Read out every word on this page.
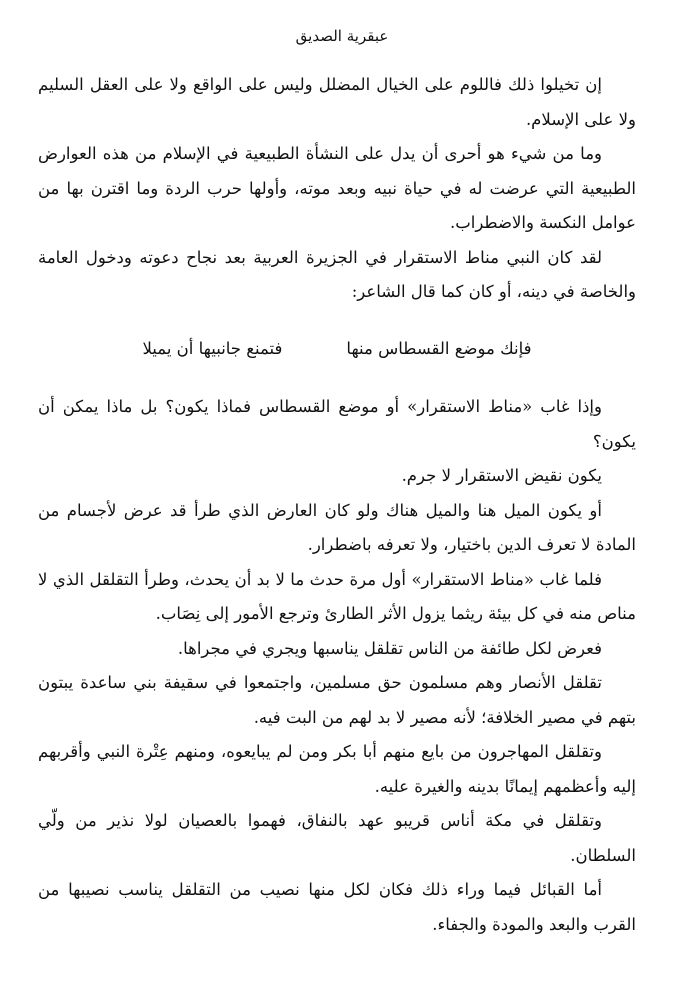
عبقرية الصديق

إن تخيلوا ذلك فاللوم على الخيال المضلل وليس على الواقع ولا على العقل السليم ولا على الإسلام.

وما من شيء هو أحرى أن يدل على النشأة الطبيعية في الإسلام من هذه العوارض الطبيعية التي عرضت له في حياة نبيه وبعد موته، وأولها حرب الردة وما اقترن بها من عوامل النكسة والاضطراب.

لقد كان النبي مناط الاستقرار في الجزيرة العربية بعد نجاح دعوته ودخول العامة والخاصة في دينه، أو كان كما قال الشاعر:

فإنك موضع القسطاس منها
فتمنع جانبيها أن يميلا

وإذا غاب «مناط الاستقرار» أو موضع القسطاس فماذا يكون؟ بل ماذا يمكن أن يكون؟

يكون نقيض الاستقرار لا جرم.

أو يكون الميل هنا والميل هناك ولو كان العارض الذي طرأ قد عرض لأجسام من المادة لا تعرف الدين باختيار، ولا تعرفه باضطرار.

فلما غاب «مناط الاستقرار» أول مرة حدث ما لا بد أن يحدث، وطرأ التقلقل الذي لا مناص منه في كل بيئة ريثما يزول الأثر الطارئ وترجع الأمور إلى نِصَاب.

فعرض لكل طائفة من الناس تقلقل يناسبها ويجري في مجراها.

تقلقل الأنصار وهم مسلمون حق مسلمين، واجتمعوا في سقيفة بني ساعدة يبتون بتهم في مصير الخلافة؛ لأنه مصير لا بد لهم من البت فيه.

وتقلقل المهاجرون من بايع منهم أبا بكر ومن لم يبايعوه، ومنهم عِتْرة النبي وأقربهم إليه وأعظمهم إيمانًا بدينه والغيرة عليه.

وتقلقل في مكة أناس قريبو عهد بالنفاق، فهموا بالعصيان لولا نذير من ولّي السلطان.

أما القبائل فيما وراء ذلك فكان لكل منها نصيب من التقلقل يناسب نصيبها من القرب والبعد والمودة والجفاء.
